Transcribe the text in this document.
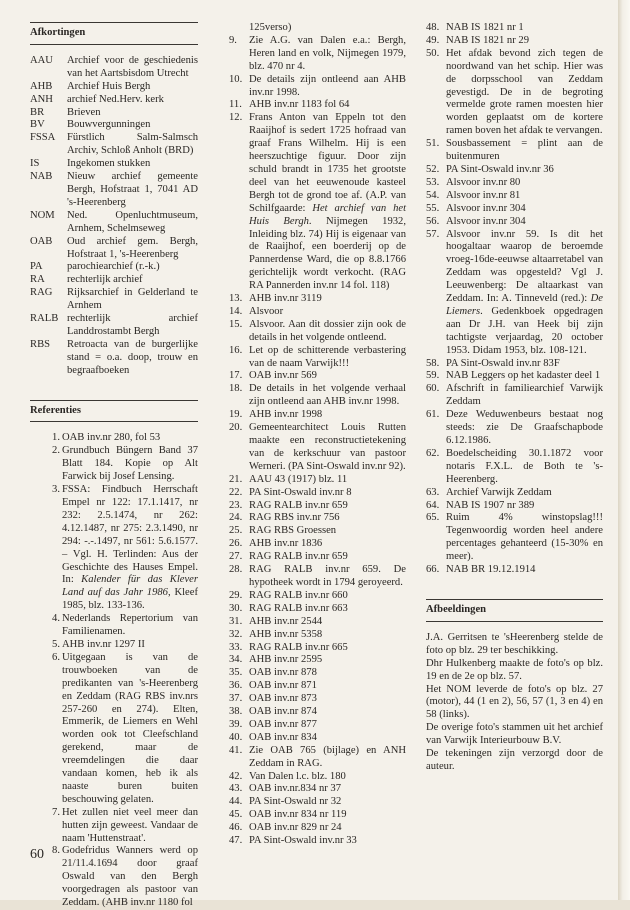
Afkortingen
AAU	Archief voor de geschiedenis van het Aartsbisdom Utrecht
AHB	Archief Huis Bergh
ANH	archief Ned.Herv. kerk
BR	Brieven
BV	Bouwvergunningen
FSSA	Fürstlich Salm-Salmsch Archiv, Schloß Anholt (BRD)
IS	Ingekomen stukken
NAB	Nieuw archief gemeente Bergh, Hofstraat 1, 7041 AD 's-Heerenberg
NOM	Ned. Openluchtmuseum, Arnhem, Schelmseweg
OAB	Oud archief gem. Bergh, Hofstraat 1, 's-Heerenberg
PA	parochiearchief (r.-k.)
RA	rechterlijk archief
RAG	Rijksarchief in Gelderland te Arnhem
RALB rechterlijk archief Landdrostambt Bergh
RBS	Retroacta van de burgerlijke stand = o.a. doop, trouw en begraafboeken
Referenties
1. OAB inv.nr 280, fol 53
2. Grundbuch Büngern Band 37 Blatt 184. Kopie op Alt Farwick bij Josef Lensing.
3. FSSA: Findbuch Herrschaft Empel nr 122: 17.1.1417, nr 232: 2.5.1474, nr 262: 4.12.1487, nr 275: 2.3.1490, nr 294: -.-.1497, nr 561: 5.6.1577. – Vgl. H. Terlinden: Aus der Geschichte des Hauses Empel. In: Kalender für das Klever Land auf das Jahr 1986, Kleef 1985, blz. 133-136.
4. Nederlands Repertorium van Familienamen.
5. AHB inv.nr 1297 II
6. Uitgegaan is van de trouwboeken van de predikanten van 's-Heerenberg en Zeddam (RAG RBS inv.nrs 257-260 en 274). Elten, Emmerik, de Liemers en Wehl worden ook tot Cleefschland gerekend, maar de vreemdelingen die daar vandaan komen, heb ik als naaste buren buiten beschouwing gelaten.
7. Het zullen niet veel meer dan hutten zijn geweest. Vandaar de naam 'Huttenstraat'.
8. Godefridus Wanners werd op 21/11.4.1694 door graaf Oswald van den Bergh voorgedragen als pastoor van Zeddam. (AHB inv.nr 1180 fol
125verso)
9.	Zie A.G. van Dalen e.a.: Bergh, Heren land en volk, Nijmegen 1979, blz. 470 nr 4.
10. De details zijn ontleend aan AHB inv.nr 1998.
11. AHB inv.nr 1183 fol 64
12. Frans Anton van Eppeln tot den Raaijhof is sedert 1725 hofraad van graaf Frans Wilhelm. Hij is een heerszuchtige figuur. Door zijn schuld brandt in 1735 het grootste deel van het eeuwenoude kasteel Bergh tot de grond toe af. (A.P. van Schilfgaarde: Het archief van het Huis Bergh. Nijmegen 1932, Inleiding blz. 74) Hij is eigenaar van de Raaijhof, een boerderij op de Pannerdense Ward, die op 8.8.1766 gerichtelijk wordt verkocht. (RAG RA Pannerden inv.nr 14 fol. 118)
13. AHB inv.nr 3119
14. Alsvoor
15. Alsvoor. Aan dit dossier zijn ook de details in het volgende ontleend.
16. Let op de schitterende verbastering van de naam Varwijk!!!
17. OAB inv.nr 569
18. De details in het volgende verhaal zijn ontleend aan AHB inv.nr 1998.
19. AHB inv.nr 1998
20. Gemeentearchitect Louis Rutten maakte een reconstructietekening van de kerkschuur van pastoor Werneri. (PA Sint-Oswald inv.nr 92).
21. AAU 43 (1917) blz. 11
22. PA Sint-Oswald inv.nr 8
23. RAG RALB inv.nr 659
24. RAG RBS inv.nr 756
25. RAG RBS Groessen
26. AHB inv.nr 1836
27. RAG RALB inv.nr 659
28. RAG RALB inv.nr 659. De hypotheek wordt in 1794 geroyeerd.
29. RAG RALB inv.nr 660
30. RAG RALB inv.nr 663
31. AHB inv.nr 2544
32. AHB inv.nr 5358
33. RAG RALB inv.nr 665
34. AHB inv.nr 2595
35. OAB inv.nr 878
36. OAB inv.nr 871
37. OAB inv.nr 873
38. OAB inv.nr 874
39. OAB inv.nr 877
40. OAB inv.nr 834
41. Zie OAB 765 (bijlage) en ANH Zeddam in RAG.
42. Van Dalen l.c. blz. 180
43. OAB inv.nr.834 nr 37
44. PA Sint-Oswald nr 32
45. OAB inv.nr 834 nr 119
46. OAB inv.nr 829 nr 24
47. PA Sint-Oswald inv.nr 33
48. NAB IS 1821 nr 1
49. NAB IS 1821 nr 29
50. Het afdak bevond zich tegen de noordwand van het schip. Hier was de dorpsschool van Zeddam gevestigd. De in de begroting vermelde grote ramen moesten hier worden geplaatst om de kortere ramen boven het afdak te vervangen.
51. Sousbassement = plint aan de buitenmuren
52. PA Sint-Oswald inv.nr 36
53. Alsvoor inv.nr 80
54. Alsvoor inv.nr 81
55. Alsvoor inv.nr 304
56. Alsvoor inv.nr 304
57. Alsvoor inv.nr 59. Is dit het hoogaltaar waarop de beroemde vroeg-16de-eeuwse altaarretabel van Zeddam was opgesteld? Vgl J. Leeuwenberg: De altaarkast van Zeddam. In: A. Tinneveld (red.): De Liemers. Gedenkboek opgedragen aan Dr J.H. van Heek bij zijn tachtigste verjaardag, 20 october 1953. Didam 1953, blz. 108-121.
58. PA Sint-Oswald inv.nr 83F
59. NAB Leggers op het kadaster deel 1
60. Afschrift in familiearchief Varwijk Zeddam
61. Deze Weduwenbeurs bestaat nog steeds: zie De Graafschapbode 6.12.1986.
62. Boedelscheiding 30.1.1872 voor notaris F.X.L. de Both te 's-Heerenberg.
63. Archief Varwijk Zeddam
64. NAB IS 1907 nr 389
65. Ruim 4% winstopslag!!! Tegenwoordig worden heel andere percentages gehanteerd (15-30% en meer).
66. NAB BR 19.12.1914
Afbeeldingen

J.A. Gerritsen te 'sHeerenberg stelde de foto op blz. 29 ter beschikking.

Dhr Hulkenberg maakte de foto's op blz. 19 en de 2e op blz. 57.

Het NOM leverde de foto's op blz. 27 (motor), 44 (1 en 2), 56, 57 (1, 3 en 4) en 58 (links).

De overige foto's stammen uit het archief van Varwijk Interieurbouw B.V.

De tekeningen zijn verzorgd door de auteur.

60
